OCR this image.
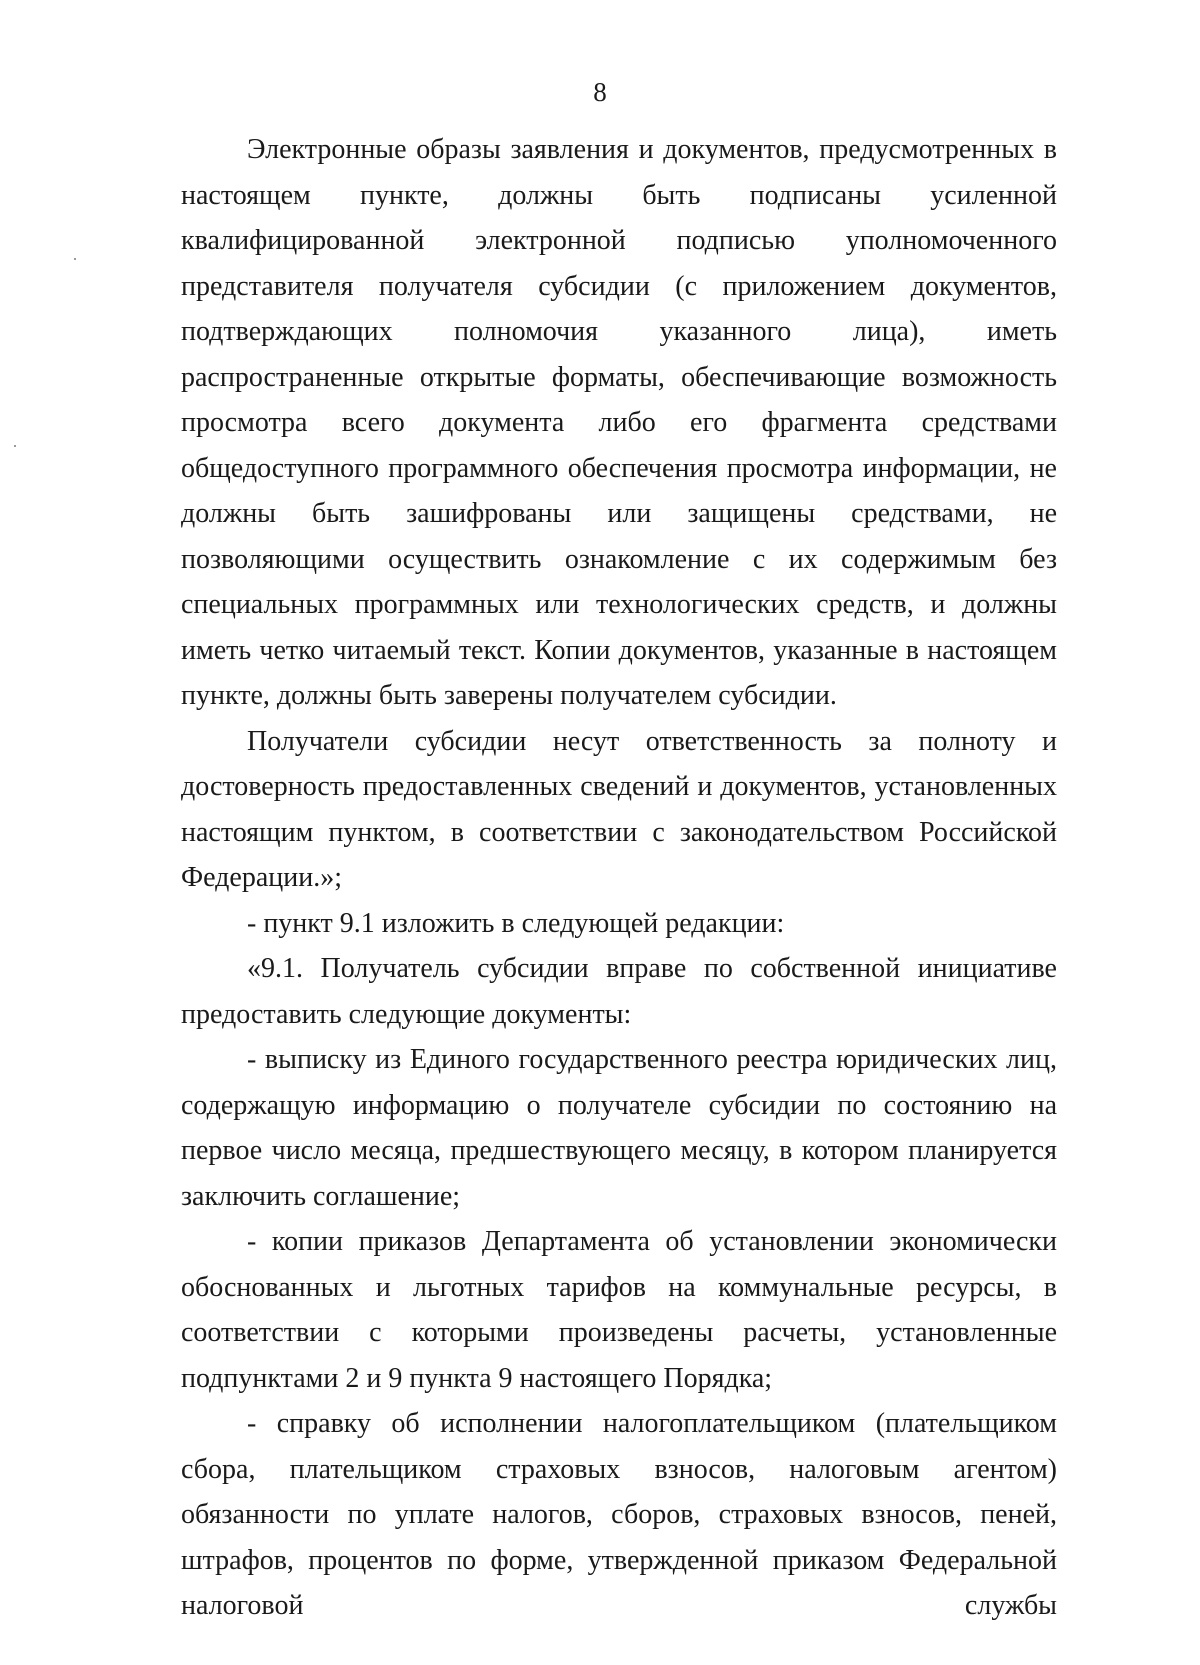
8

Электронные образы заявления и документов, предусмотренных в настоящем пункте, должны быть подписаны усиленной квалифицированной электронной подписью уполномоченного представителя получателя субсидии (с приложением документов, подтверждающих полномочия указанного лица), иметь распространенные открытые форматы, обеспечивающие возможность просмотра всего документа либо его фрагмента средствами общедоступного программного обеспечения просмотра информации, не должны быть зашифрованы или защищены средствами, не позволяющими осуществить ознакомление с их содержимым без специальных программных или технологических средств, и должны иметь четко читаемый текст. Копии документов, указанные в настоящем пункте, должны быть заверены получателем субсидии.

Получатели субсидии несут ответственность за полноту и достоверность предоставленных сведений и документов, установленных настоящим пунктом, в соответствии с законодательством Российской Федерации.»;

- пункт 9.1 изложить в следующей редакции:

«9.1. Получатель субсидии вправе по собственной инициативе предоставить следующие документы:

- выписку из Единого государственного реестра юридических лиц, содержащую информацию о получателе субсидии по состоянию на первое число месяца, предшествующего месяцу, в котором планируется заключить соглашение;

- копии приказов Департамента об установлении экономически обоснованных и льготных тарифов на коммунальные ресурсы, в соответствии с которыми произведены расчеты, установленные подпунктами 2 и 9 пункта 9 настоящего Порядка;

- справку об исполнении налогоплательщиком (плательщиком сбора, плательщиком страховых взносов, налоговым агентом) обязанности по уплате налогов, сборов, страховых взносов, пеней, штрафов, процентов по форме, утвержденной приказом Федеральной налоговой службы
